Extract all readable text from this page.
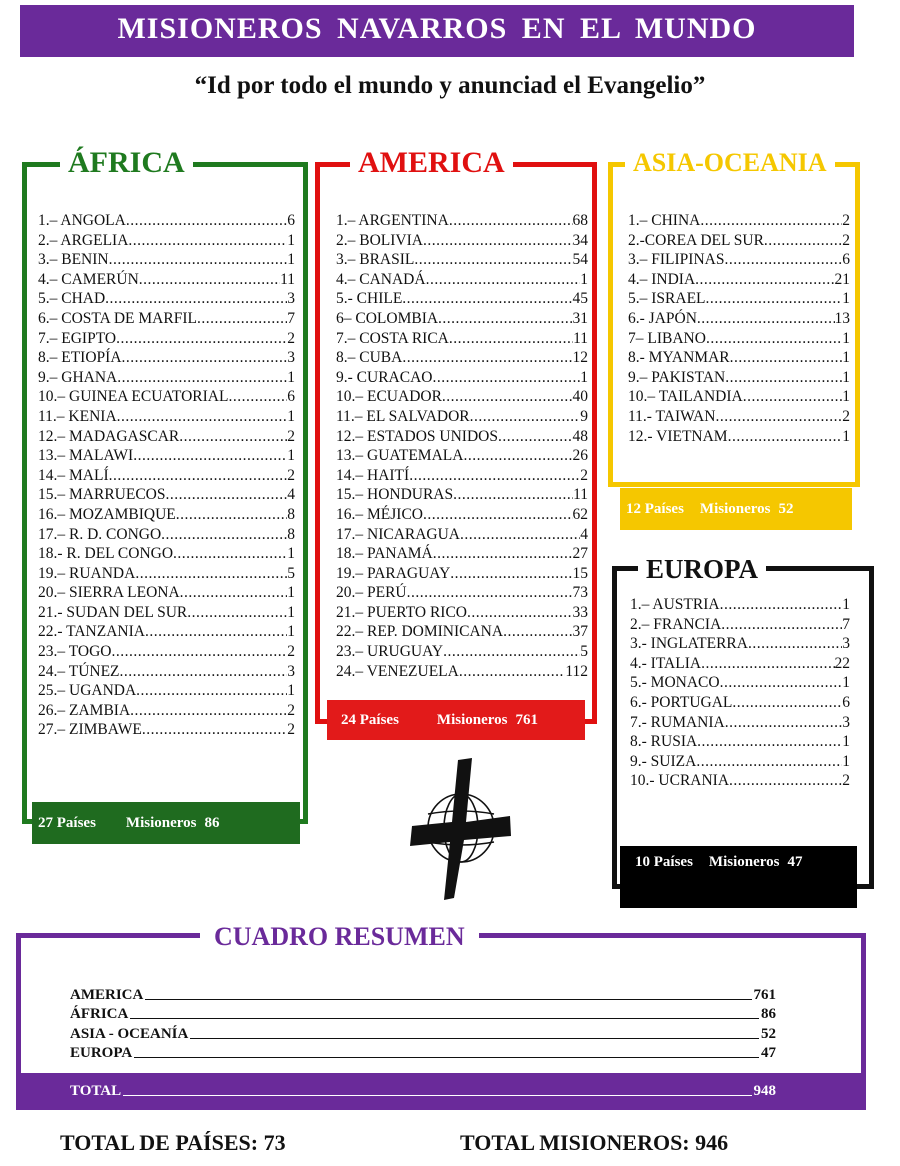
MISIONEROS NAVARROS EN EL MUNDO
“Id por todo el mundo y anunciad el Evangelio”
ÁFRICA
1.– ANGOLA .....	6
2.– ARGELIA .....	1
3.– BENIN .....	1
4.– CAMERÚN .....	11
5.– CHAD .....	3
6.– COSTA DE MARFIL .....	7
7.– EGIPTO .....	2
8.– ETIOPÍA .....	3
9.– GHANA .....	1
10.– GUINEA ECUATORIAL .....	6
11.– KENIA .....	1
12.– MADAGASCAR .....	2
13.– MALAWI .....	1
14.– MALÍ .....	2
15.– MARRUECOS .....	4
16.– MOZAMBIQUE .....	8
17.– R. D. CONGO .....	8
18.- R. DEL CONGO .....	1
19.– RUANDA .....	5
20.– SIERRA LEONA .....	1
21.- SUDAN DEL SUR .....	1
22.- TANZANIA .....	1
23.– TOGO .....	2
24.– TÚNEZ .....	3
25.– UGANDA .....	1
26.– ZAMBIA .....	2
27.– ZIMBAWE .....	2
27 Países Misioneros 86
AMERICA
1.– ARGENTINA .....	68
2.– BOLIVIA .....	34
3.– BRASIL .....	54
4.– CANADÁ .....	1
5.- CHILE .....	45
6– COLOMBIA .....	31
7.– COSTA RICA .....	11
8.– CUBA .....	12
9.- CURACAO .....	1
10.– ECUADOR .....	40
11.– EL SALVADOR .....	9
12.– ESTADOS UNIDOS .....	48
13.– GUATEMALA .....	26
14.– HAITÍ .....	2
15.– HONDURAS .....	11
16.– MÉJICO .....	62
17.– NICARAGUA .....	4
18.– PANAMÁ .....	27
19.– PARAGUAY .....	15
20.– PERÚ .....	73
21.– PUERTO RICO .....	33
22.– REP. DOMINICANA .....	37
23.– URUGUAY .....	5
24.– VENEZUELA .....	112
24 Países	Misioneros 761
ASIA-OCEANIA
1.– CHINA .....	2
2.-COREA DEL SUR .....	2
3.– FILIPINAS .....	6
4.– INDIA .....	21
5.– ISRAEL .....	1
6.- JAPÓN .....	13
7– LIBANO .....	1
8.- MYANMAR .....	1
9.– PAKISTAN .....	1
10.– TAILANDIA .....	1
11.- TAIWAN .....	2
12.- VIETNAM .....	1
12 Países Misioneros 52
EUROPA
1.– AUSTRIA .....	1
2.– FRANCIA .....	7
3.- INGLATERRA .....	3
4.- ITALIA .....	22
5.- MONACO .....	1
6.- PORTUGAL .....	6
7.- RUMANIA .....	3
8.- RUSIA .....	1
9.- SUIZA .....	1
10.- UCRANIA .....	2
10 Países Misioneros 47
CUADRO RESUMEN
AMERICA	761
ÁFRICA	86
ASIA - OCEANÍA	52
EUROPA	47
TOTAL	948
TOTAL DE PAÍSES: 73	TOTAL MISIONEROS: 946
